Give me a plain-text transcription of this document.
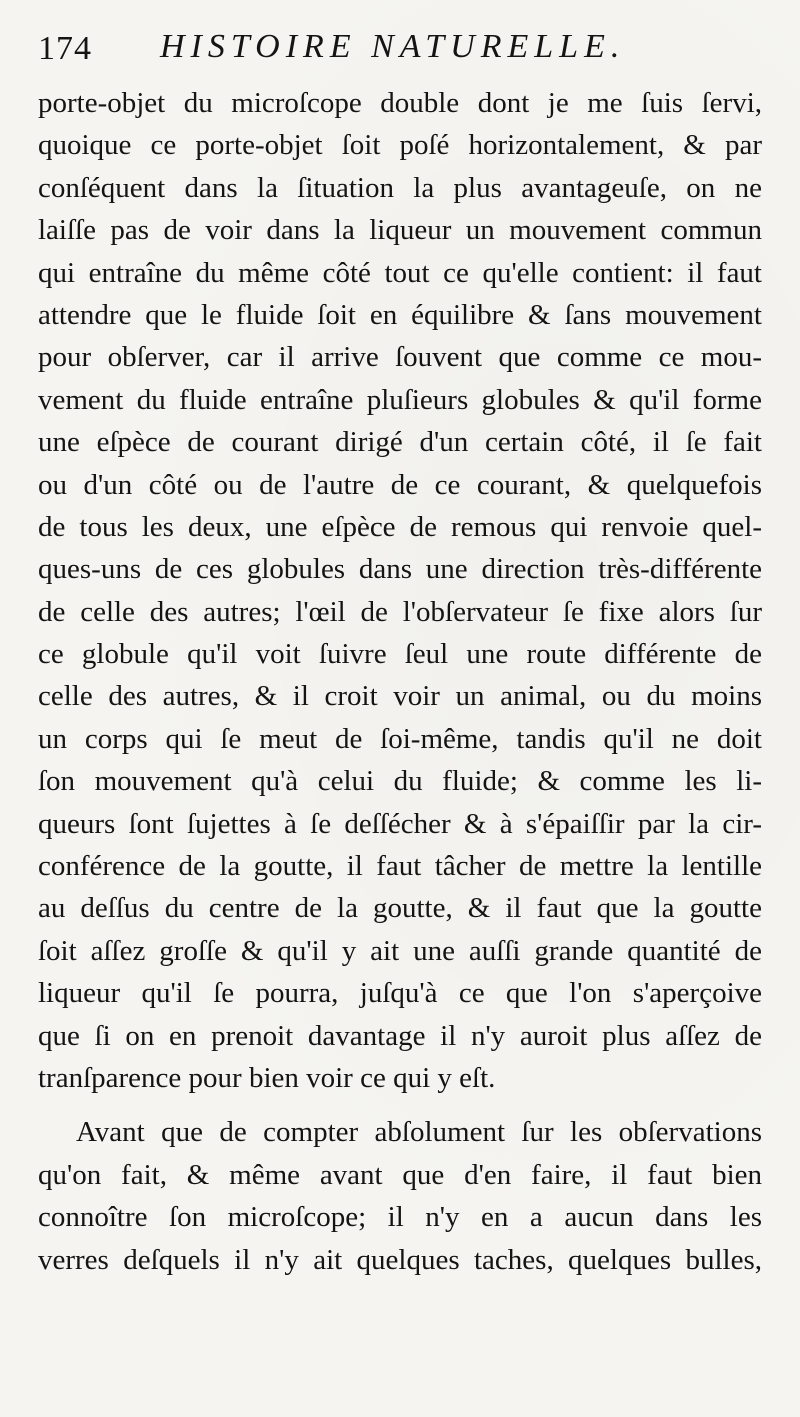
174 HISTOIRE NATURELLE.
porte-objet du microſcope double dont je me ſuis ſervi,
quoique ce porte-objet ſoit poſé horizontalement, & par
conſéquent dans la ſituation la plus avantageuſe, on ne
laiſſe pas de voir dans la liqueur un mouvement commun
qui entraîne du même côté tout ce qu'elle contient: il faut
attendre que le fluide ſoit en équilibre & ſans mouvement
pour obſerver, car il arrive ſouvent que comme ce mou-
vement du fluide entraîne pluſieurs globules & qu'il forme
une eſpèce de courant dirigé d'un certain côté, il ſe fait
ou d'un côté ou de l'autre de ce courant, & quelquefois
de tous les deux, une eſpèce de remous qui renvoie quel-
ques-uns de ces globules dans une direction très-différente
de celle des autres; l'œil de l'obſervateur ſe fixe alors ſur
ce globule qu'il voit ſuivre ſeul une route différente de
celle des autres, & il croit voir un animal, ou du moins
un corps qui ſe meut de ſoi-même, tandis qu'il ne doit
ſon mouvement qu'à celui du fluide; & comme les li-
queurs ſont ſujettes à ſe deſſécher & à s'épaiſſir par la cir-
conférence de la goutte, il faut tâcher de mettre la lentille
au deſſus du centre de la goutte, & il faut que la goutte
ſoit aſſez groſſe & qu'il y ait une auſſi grande quantité de
liqueur qu'il ſe pourra, juſqu'à ce que l'on s'aperçoive
que ſi on en prenoit davantage il n'y auroit plus aſſez de
tranſparence pour bien voir ce qui y eſt.
Avant que de compter abſolument ſur les obſervations
qu'on fait, & même avant que d'en faire, il faut bien
connoître ſon microſcope; il n'y en a aucun dans les
verres deſquels il n'y ait quelques taches, quelques bulles,
